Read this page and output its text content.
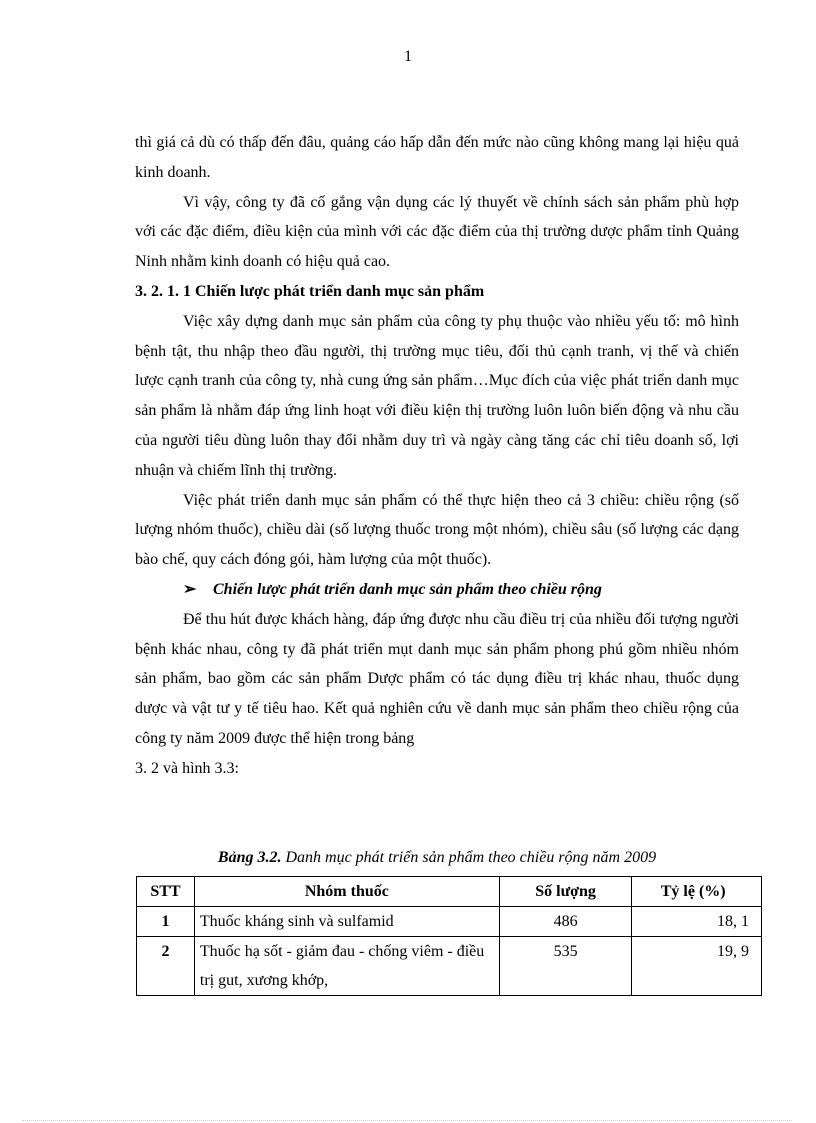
1

thì giá cả dù có thấp đến đâu, quảng cáo hấp dẫn đến mức nào cũng không mang lại hiệu quả kinh doanh.

Vì vậy, công ty đã cố gắng vận dụng các lý thuyết về chính sách sản phẩm phù hợp với các đặc điểm, điều kiện của mình với các đặc điểm của thị trường dược phẩm tỉnh Quảng Ninh nhằm kinh doanh có hiệu quả cao.

3. 2. 1. 1 Chiến lược phát triển danh mục sản phẩm

Việc xây dựng danh mục sản phẩm của công ty phụ thuộc vào nhiều yếu tố: mô hình bệnh tật, thu nhập theo đầu người, thị trường mục tiêu, đối thủ cạnh tranh, vị thế và chiến lược cạnh tranh của công ty, nhà cung ứng sản phẩm…Mục đích của việc phát triển danh mục sản phẩm là nhằm đáp ứng linh hoạt với điều kiện thị trường luôn luôn biến động và nhu cầu của người tiêu dùng luôn thay đổi nhằm duy trì và ngày càng tăng các chỉ tiêu doanh số, lợi nhuận và chiếm lĩnh thị trường.

Việc phát triển danh mục sản phẩm có thể thực hiện theo cả 3 chiều: chiều rộng (số lượng nhóm thuốc), chiều dài (số lượng thuốc trong một nhóm), chiều sâu (số lượng các dạng bào chế, quy cách đóng gói, hàm lượng của một thuốc).

➢ Chiến lược phát triển danh mục sản phẩm theo chiều rộng

Để thu hút được khách hàng, đáp ứng được nhu cầu điều trị của nhiều đối tượng người bệnh khác nhau, công ty đã phát triển mụt danh mục sản phẩm phong phú gồm nhiều nhóm sản phẩm, bao gồm các sản phẩm Dược phẩm có tác dụng điều trị khác nhau, thuốc dụng dược và vật tư y tế tiêu hao. Kết quả nghiên cứu về danh mục sản phẩm theo chiều rộng của công ty năm 2009 được thể hiện trong bảng

3. 2 và hình 3.3:

Bảng 3.2. Danh mục phát triển sản phẩm theo chiều rộng năm 2009
STT	Nhóm thuốc	Số lượng	Tỷ lệ (%)
1	Thuốc kháng sinh và sulfamid	486	18, 1
2	Thuốc hạ sốt - giảm đau - chống viêm - điều trị gut, xương khớp,	535	19, 9
